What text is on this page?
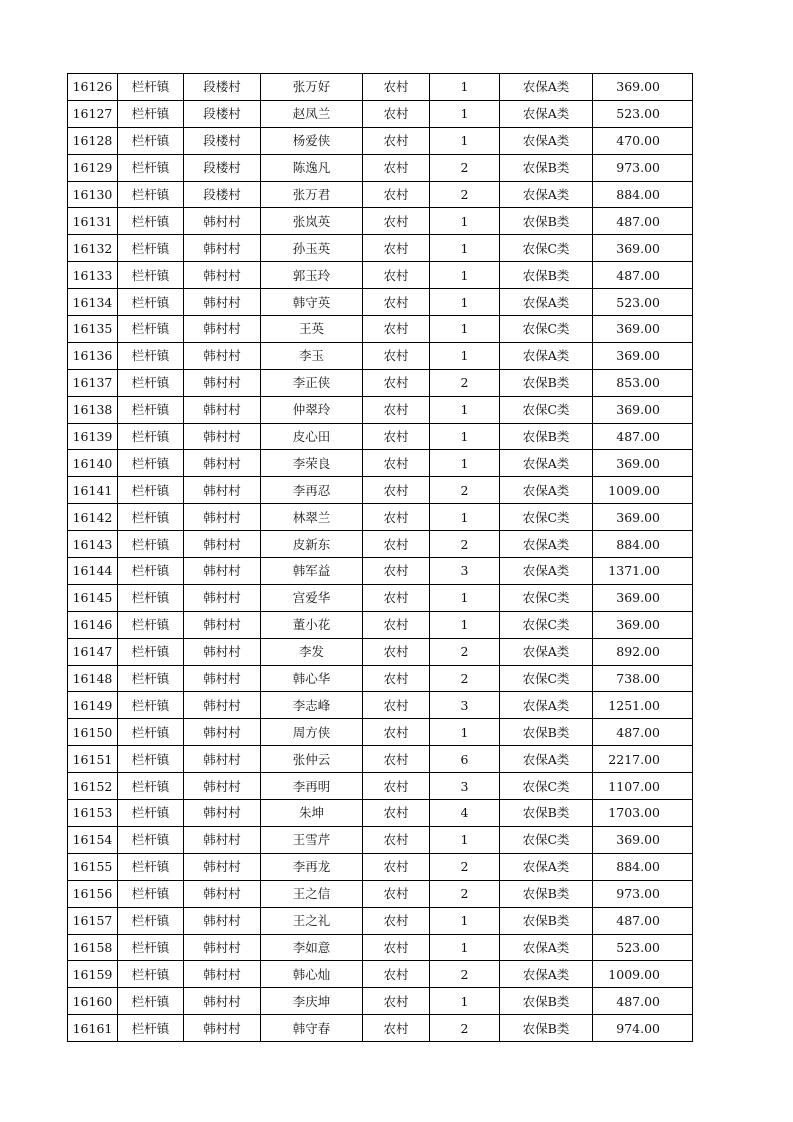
16126	栏杆镇	段楼村	张万好	农村	1	农保A类	369.00
16127	栏杆镇	段楼村	赵凤兰	农村	1	农保A类	523.00
16128	栏杆镇	段楼村	杨爱侠	农村	1	农保A类	470.00
16129	栏杆镇	段楼村	陈逸凡	农村	2	农保B类	973.00
16130	栏杆镇	段楼村	张万君	农村	2	农保A类	884.00
16131	栏杆镇	韩村村	张岚英	农村	1	农保B类	487.00
16132	栏杆镇	韩村村	孙玉英	农村	1	农保C类	369.00
16133	栏杆镇	韩村村	郭玉玲	农村	1	农保B类	487.00
16134	栏杆镇	韩村村	韩守英	农村	1	农保A类	523.00
16135	栏杆镇	韩村村	王英	农村	1	农保C类	369.00
16136	栏杆镇	韩村村	李玉	农村	1	农保A类	369.00
16137	栏杆镇	韩村村	李正侠	农村	2	农保B类	853.00
16138	栏杆镇	韩村村	仲翠玲	农村	1	农保C类	369.00
16139	栏杆镇	韩村村	皮心田	农村	1	农保B类	487.00
16140	栏杆镇	韩村村	李荣良	农村	1	农保A类	369.00
16141	栏杆镇	韩村村	李再忍	农村	2	农保A类	1009.00
16142	栏杆镇	韩村村	林翠兰	农村	1	农保C类	369.00
16143	栏杆镇	韩村村	皮新东	农村	2	农保A类	884.00
16144	栏杆镇	韩村村	韩军益	农村	3	农保A类	1371.00
16145	栏杆镇	韩村村	宫爱华	农村	1	农保C类	369.00
16146	栏杆镇	韩村村	董小花	农村	1	农保C类	369.00
16147	栏杆镇	韩村村	李发	农村	2	农保A类	892.00
16148	栏杆镇	韩村村	韩心华	农村	2	农保C类	738.00
16149	栏杆镇	韩村村	李志峰	农村	3	农保A类	1251.00
16150	栏杆镇	韩村村	周方侠	农村	1	农保B类	487.00
16151	栏杆镇	韩村村	张仲云	农村	6	农保A类	2217.00
16152	栏杆镇	韩村村	李再明	农村	3	农保C类	1107.00
16153	栏杆镇	韩村村	朱坤	农村	4	农保B类	1703.00
16154	栏杆镇	韩村村	王雪芹	农村	1	农保C类	369.00
16155	栏杆镇	韩村村	李再龙	农村	2	农保A类	884.00
16156	栏杆镇	韩村村	王之信	农村	2	农保B类	973.00
16157	栏杆镇	韩村村	王之礼	农村	1	农保B类	487.00
16158	栏杆镇	韩村村	李如意	农村	1	农保A类	523.00
16159	栏杆镇	韩村村	韩心灿	农村	2	农保A类	1009.00
16160	栏杆镇	韩村村	李庆坤	农村	1	农保B类	487.00
16161	栏杆镇	韩村村	韩守春	农村	2	农保B类	974.00
